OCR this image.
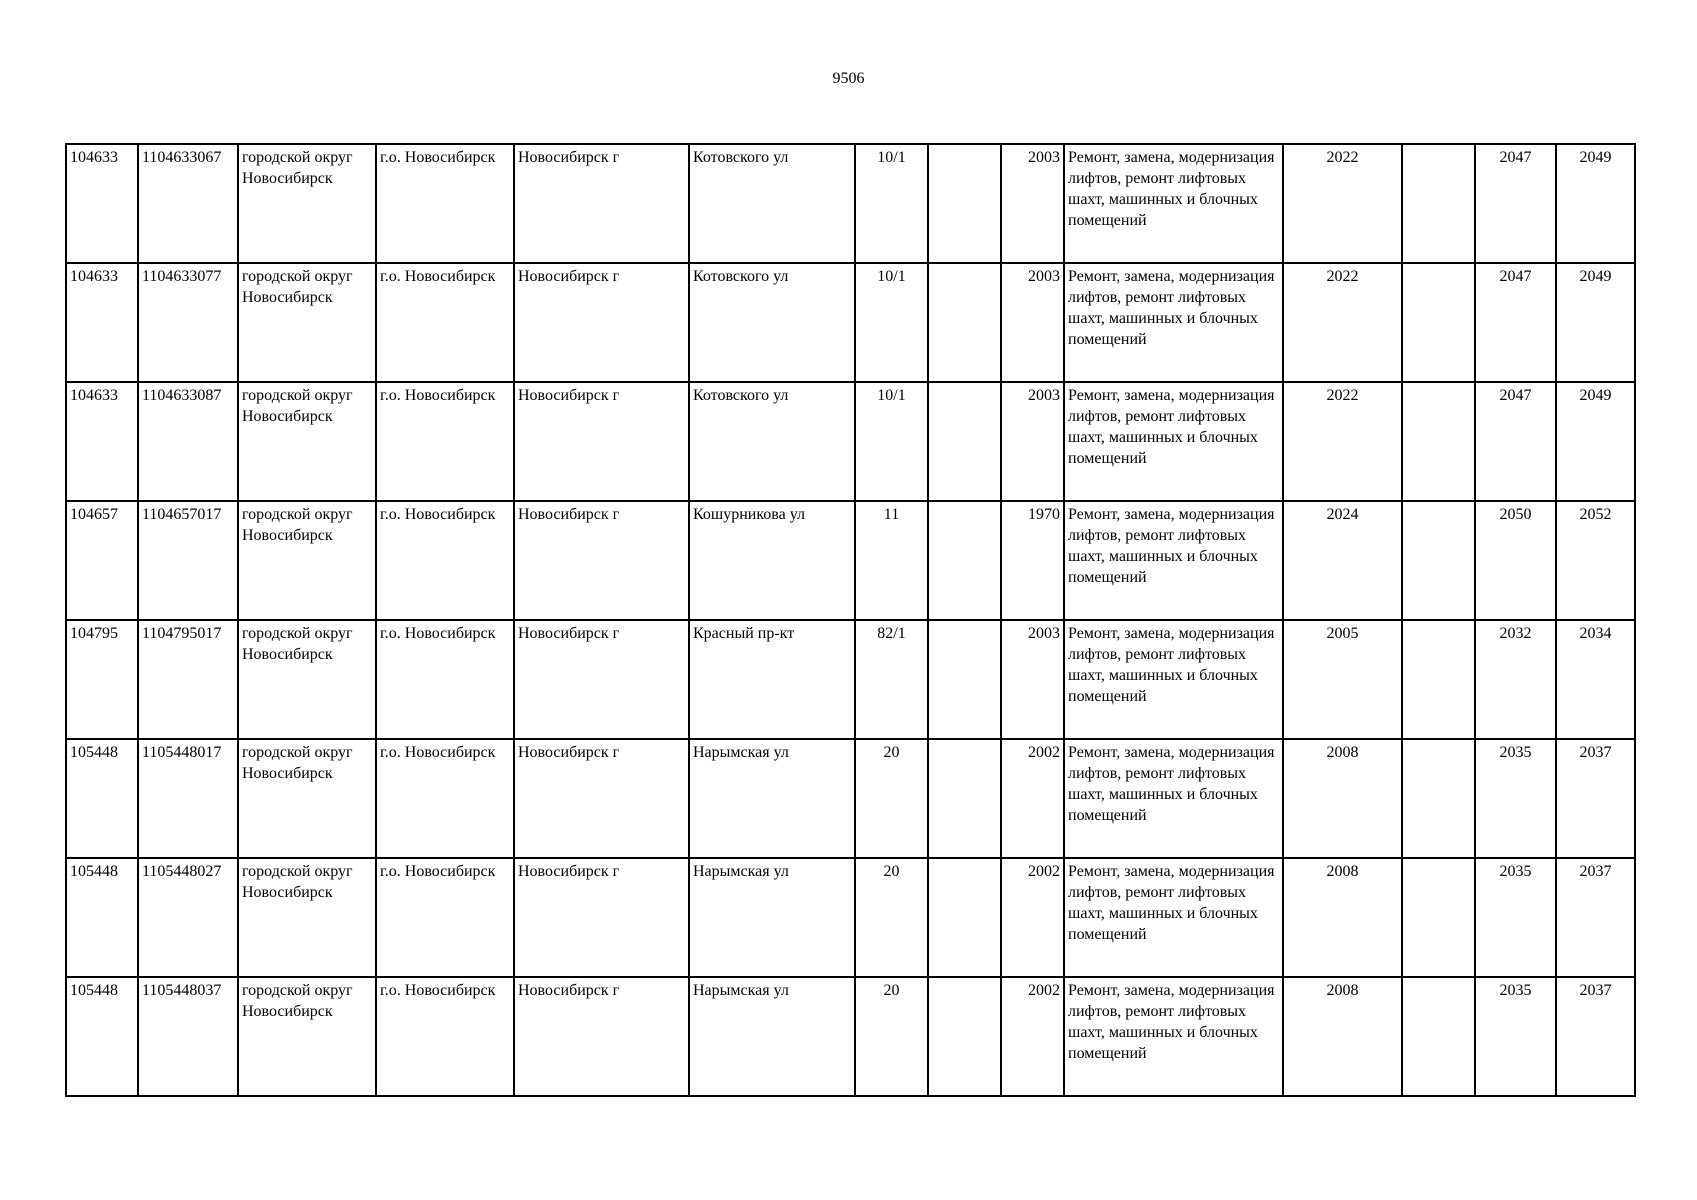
9506
104633	1104633067	городской округ Новосибирск	г.о. Новосибирск	Новосибирск г	Котовского ул	10/1		2003	Ремонт, замена, модернизация лифтов, ремонт лифтовых шахт, машинных и блочных помещений	2022		2047	2049
104633	1104633077	городской округ Новосибирск	г.о. Новосибирск	Новосибирск г	Котовского ул	10/1		2003	Ремонт, замена, модернизация лифтов, ремонт лифтовых шахт, машинных и блочных помещений	2022		2047	2049
104633	1104633087	городской округ Новосибирск	г.о. Новосибирск	Новосибирск г	Котовского ул	10/1		2003	Ремонт, замена, модернизация лифтов, ремонт лифтовых шахт, машинных и блочных помещений	2022		2047	2049
104657	1104657017	городской округ Новосибирск	г.о. Новосибирск	Новосибирск г	Кошурникова ул	11		1970	Ремонт, замена, модернизация лифтов, ремонт лифтовых шахт, машинных и блочных помещений	2024		2050	2052
104795	1104795017	городской округ Новосибирск	г.о. Новосибирск	Новосибирск г	Красный пр-кт	82/1		2003	Ремонт, замена, модернизация лифтов, ремонт лифтовых шахт, машинных и блочных помещений	2005		2032	2034
105448	1105448017	городской округ Новосибирск	г.о. Новосибирск	Новосибирск г	Нарымская ул	20		2002	Ремонт, замена, модернизация лифтов, ремонт лифтовых шахт, машинных и блочных помещений	2008		2035	2037
105448	1105448027	городской округ Новосибирск	г.о. Новосибирск	Новосибирск г	Нарымская ул	20		2002	Ремонт, замена, модернизация лифтов, ремонт лифтовых шахт, машинных и блочных помещений	2008		2035	2037
105448	1105448037	городской округ Новосибирск	г.о. Новосибирск	Новосибирск г	Нарымская ул	20		2002	Ремонт, замена, модернизация лифтов, ремонт лифтовых шахт, машинных и блочных помещений	2008		2035	2037
